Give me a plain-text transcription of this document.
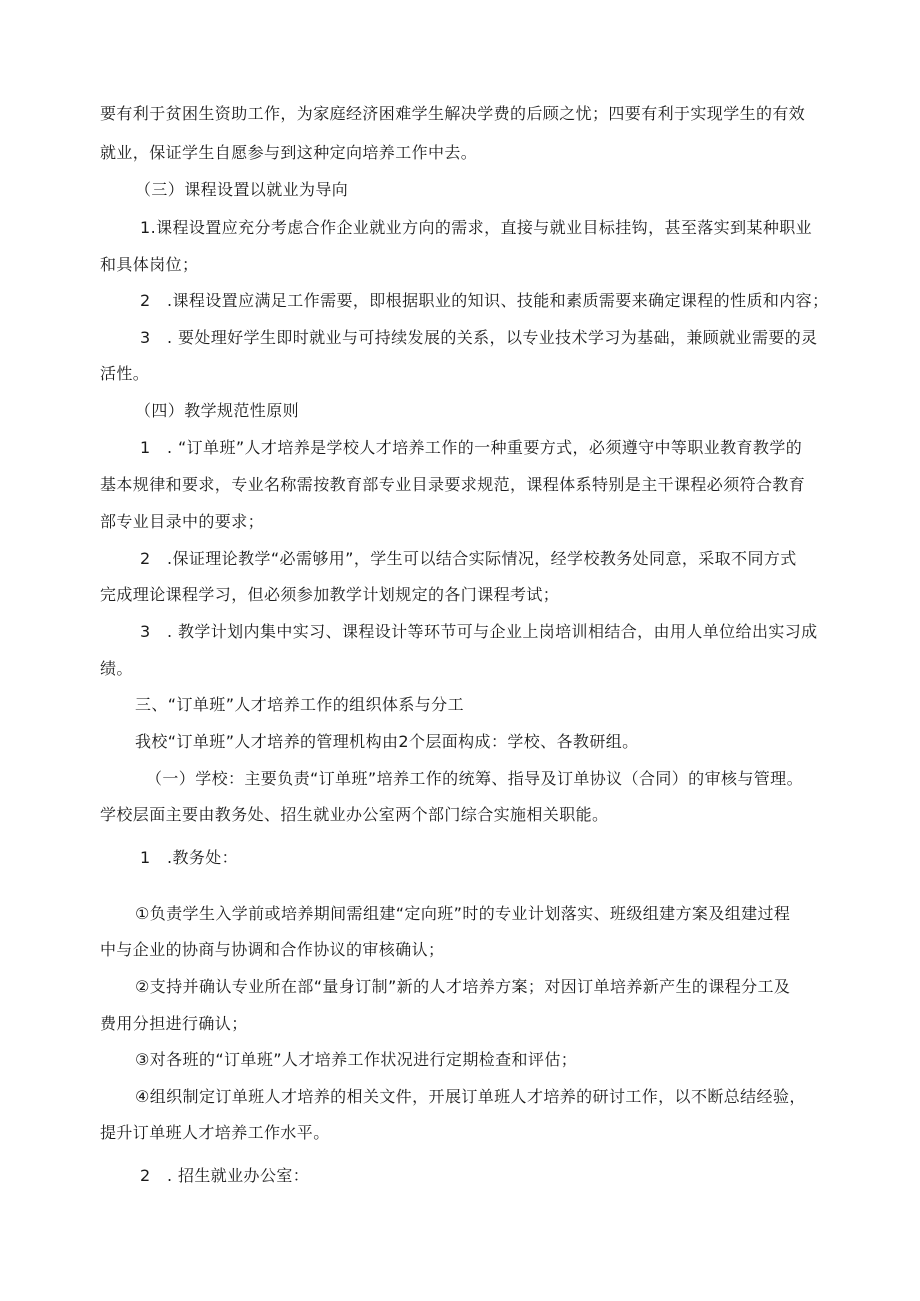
要有利于贫困生资助工作，为家庭经济困难学生解决学费的后顾之忧；四要有利于实现学生的有效
就业，保证学生自愿参与到这种定向培养工作中去。
（三）课程设置以就业为导向
1.课程设置应充分考虑合作企业就业方向的需求，直接与就业目标挂钩，甚至落实到某种职业
和具体岗位；
2　.课程设置应满足工作需要，即根据职业的知识、技能和素质需要来确定课程的性质和内容；
3　. 要处理好学生即时就业与可持续发展的关系，以专业技术学习为基础，兼顾就业需要的灵
活性。
（四）教学规范性原则
1　. “订单班”人才培养是学校人才培养工作的一种重要方式，必须遵守中等职业教育教学的
基本规律和要求，专业名称需按教育部专业目录要求规范，课程体系特别是主干课程必须符合教育
部专业目录中的要求；
2　.保证理论教学“必需够用”，学生可以结合实际情况，经学校教务处同意，采取不同方式
完成理论课程学习，但必须参加教学计划规定的各门课程考试；
3　. 教学计划内集中实习、课程设计等环节可与企业上岗培训相结合，由用人单位给出实习成
绩。
三、“订单班”人才培养工作的组织体系与分工
我校“订单班”人才培养的管理机构由2个层面构成：学校、各教研组。
（一）学校：主要负责“订单班”培养工作的统筹、指导及订单协议（合同）的审核与管理。
学校层面主要由教务处、招生就业办公室两个部门综合实施相关职能。
1　.教务处：
①负责学生入学前或培养期间需组建“定向班”时的专业计划落实、班级组建方案及组建过程
中与企业的协商与协调和合作协议的审核确认；
②支持并确认专业所在部“量身订制”新的人才培养方案；对因订单培养新产生的课程分工及
费用分担进行确认；
③对各班的“订单班”人才培养工作状况进行定期检查和评估；
④组织制定订单班人才培养的相关文件，开展订单班人才培养的研讨工作，以不断总结经验，
提升订单班人才培养工作水平。
2　. 招生就业办公室：
